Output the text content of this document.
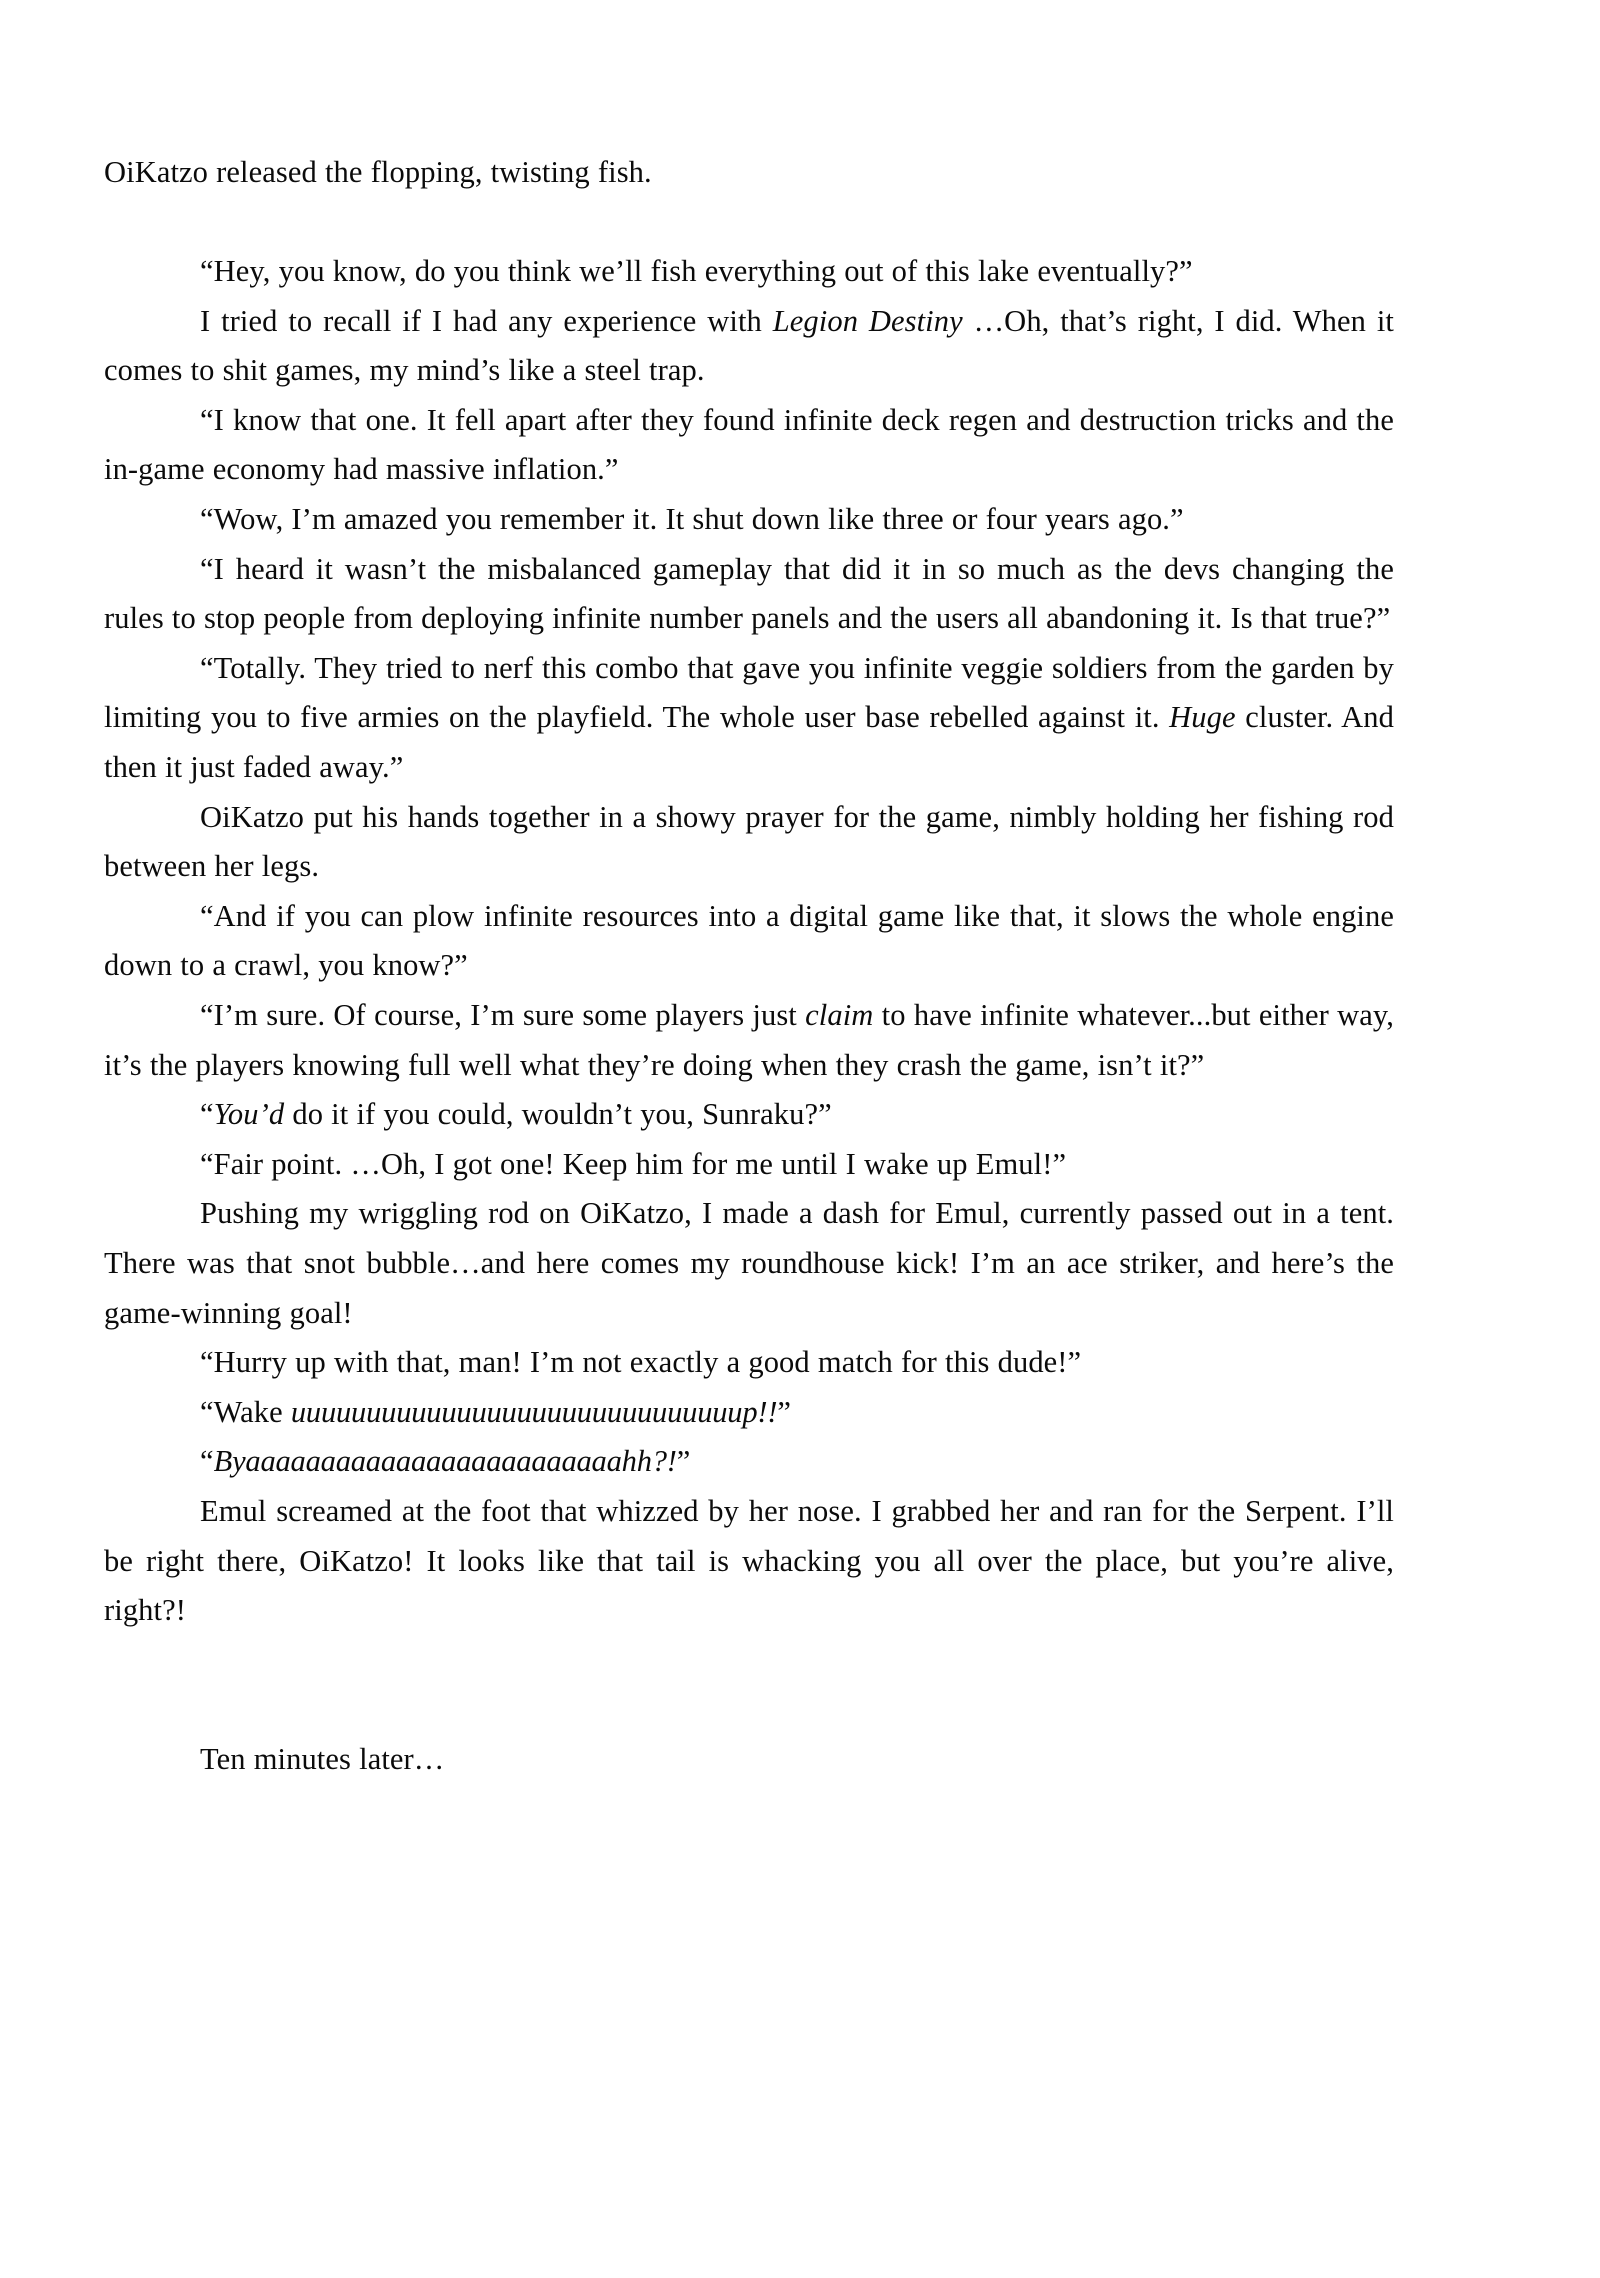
OiKatzo released the flopping, twisting fish.

“Hey, you know, do you think we’ll fish everything out of this lake eventually?”

I tried to recall if I had any experience with Legion Destiny …Oh, that’s right, I did. When it comes to shit games, my mind’s like a steel trap.

“I know that one. It fell apart after they found infinite deck regen and destruction tricks and the in-game economy had massive inflation.”

“Wow, I’m amazed you remember it. It shut down like three or four years ago.”

“I heard it wasn’t the misbalanced gameplay that did it in so much as the devs changing the rules to stop people from deploying infinite number panels and the users all abandoning it. Is that true?”

“Totally. They tried to nerf this combo that gave you infinite veggie soldiers from the garden by limiting you to five armies on the playfield. The whole user base rebelled against it. Huge cluster. And then it just faded away.”

OiKatzo put his hands together in a showy prayer for the game, nimbly holding her fishing rod between her legs.

“And if you can plow infinite resources into a digital game like that, it slows the whole engine down to a crawl, you know?”

“I’m sure. Of course, I’m sure some players just claim to have infinite whatever...but either way, it’s the players knowing full well what they’re doing when they crash the game, isn’t it?”

“You’d do it if you could, wouldn’t you, Sunraku?”

“Fair point. …Oh, I got one! Keep him for me until I wake up Emul!”

Pushing my wriggling rod on OiKatzo, I made a dash for Emul, currently passed out in a tent. There was that snot bubble…and here comes my roundhouse kick! I’m an ace striker, and here’s the game-winning goal!

“Hurry up with that, man! I’m not exactly a good match for this dude!”

“Wake uuuuuuuuuuuuuuuuuuuuuuuuuuuuuup!!”

“Byaaaaaaaaaaaaaaaaaaaaaaaaahh?!”

Emul screamed at the foot that whizzed by her nose. I grabbed her and ran for the Serpent. I’ll be right there, OiKatzo! It looks like that tail is whacking you all over the place, but you’re alive, right?!

Ten minutes later…
